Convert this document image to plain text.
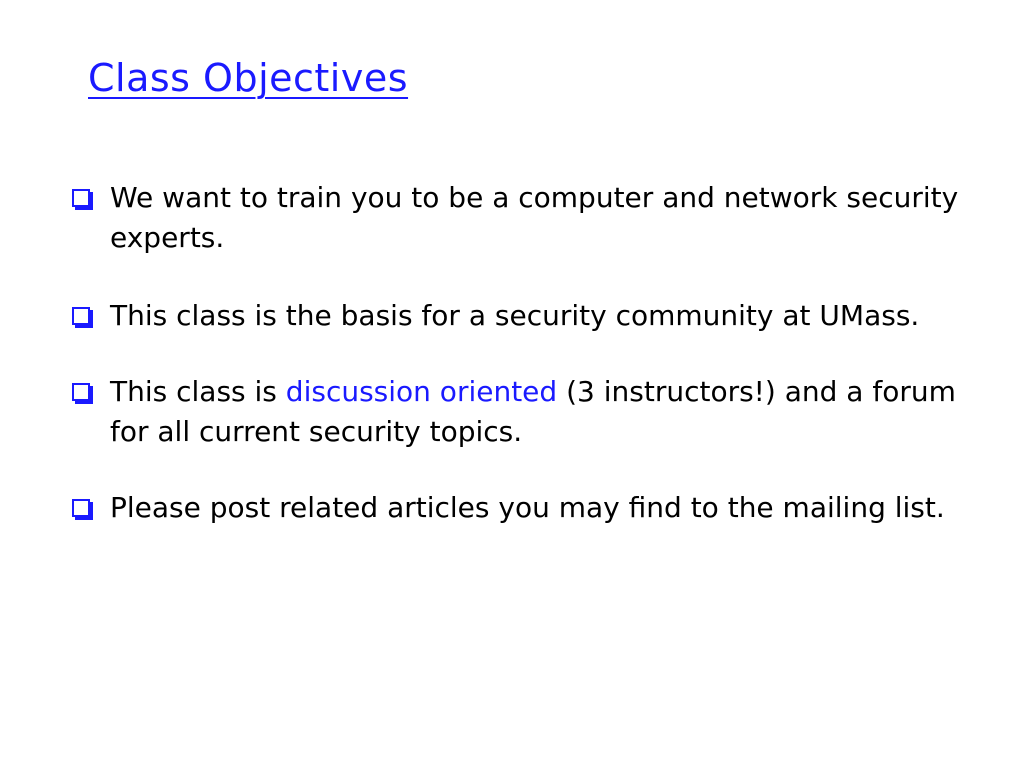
Class Objectives
We want to train you to be a computer and network security experts.
This class is the basis for a security community at UMass.
This class is discussion oriented (3 instructors!) and a forum for all current security topics.
Please post related articles you may find to the mailing list.
